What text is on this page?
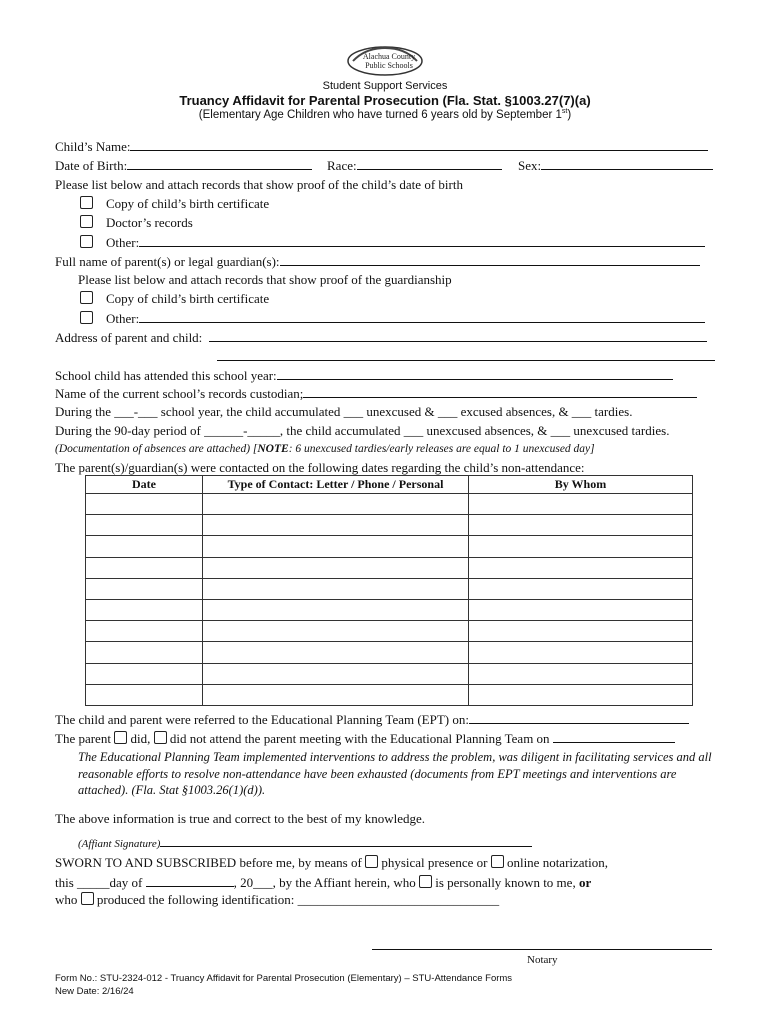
Alachua County
Public Schools
Student Support Services
Truancy Affidavit for Parental Prosecution (Fla. Stat. §1003.27(7)(a)
(Elementary Age Children who have turned 6 years old by September 1st)
Child’s Name:
Date of Birth:	Race:	Sex:
Please list below and attach records that show proof of the child’s date of birth
Copy of child’s birth certificate
Doctor’s records
Other:
Full name of parent(s) or legal guardian(s):
Please list below and attach records that show proof of the guardianship
Copy of child’s birth certificate
Other:
Address of parent and child:
School child has attended this school year:
Name of the current school’s records custodian;
During the ___-___ school year, the child accumulated ___ unexcused & ___ excused absences, & ___ tardies.
During the 90-day period of ______-_____, the child accumulated ___ unexcused absences, & ___ unexcused tardies.
(Documentation of absences are attached) [NOTE: 6 unexcused tardies/early releases are equal to 1 unexcused day]
The parent(s)/guardian(s) were contacted on the following dates regarding the child’s non-attendance:
Date	Type of Contact: Letter / Phone / Personal	By Whom

The child and parent were referred to the Educational Planning Team (EPT) on:
The parent did, did not attend the parent meeting with the Educational Planning Team on
The Educational Planning Team implemented interventions to address the problem, was diligent in facilitating services and all reasonable efforts to resolve non-attendance have been exhausted (documents from EPT meetings and interventions are attached). (Fla. Stat §1003.26(1)(d)).
The above information is true and correct to the best of my knowledge.
(Affiant Signature)
SWORN TO AND SUBSCRIBED before me, by means of physical presence or online notarization,
this _____day of	, 20___, by the Affiant herein, who is personally known to me, or
who produced the following identification: _______________________________
Notary
Form No.: STU-2324-012 - Truancy Affidavit for Parental Prosecution (Elementary) – STU-Attendance Forms
New Date: 2/16/24
